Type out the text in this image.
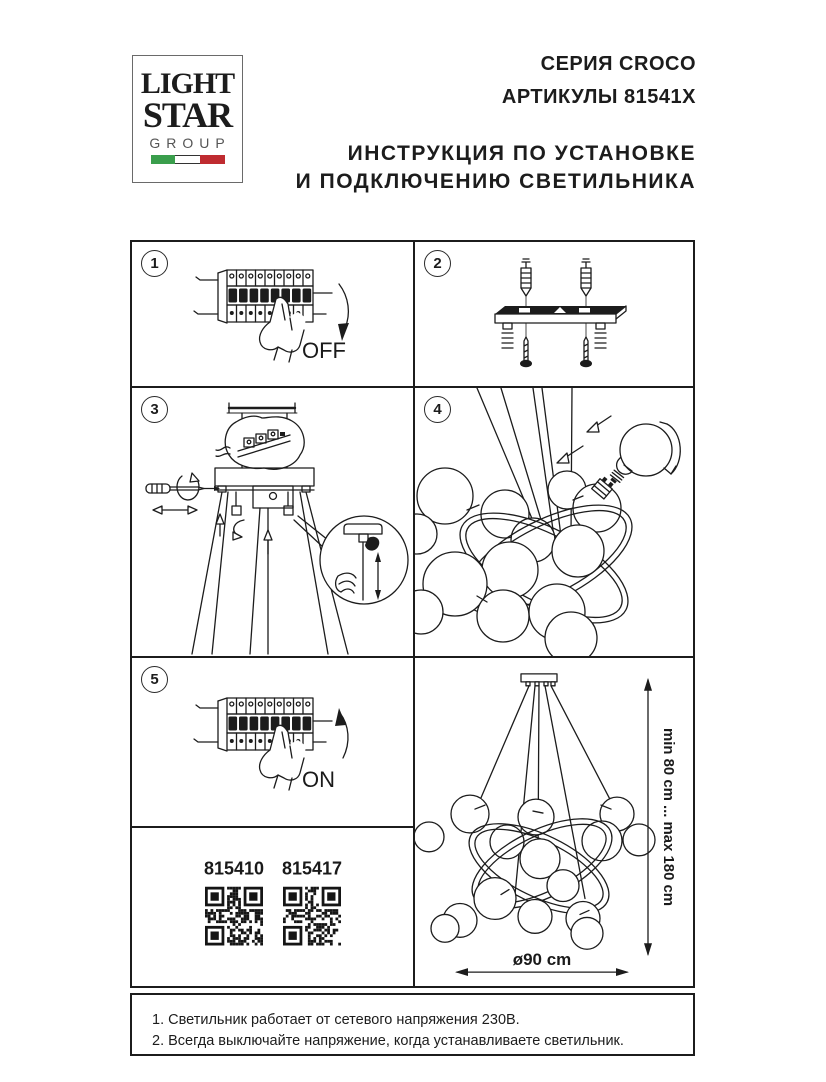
LIGHT
STAR
GROUP
СЕРИЯ CROCO
АРТИКУЛЫ 81541X
ИНСТРУКЦИЯ ПО УСТАНОВКЕ
И ПОДКЛЮЧЕНИЮ СВЕТИЛЬНИКА
1
OFF
2
3	4
5
ON
815410 815417	min 80 cm ... max 180 cm
ø90 cm
1. Светильник работает от сетевого напряжения 230В.
2. Всегда выключайте напряжение, когда устанавливаете светильник.
